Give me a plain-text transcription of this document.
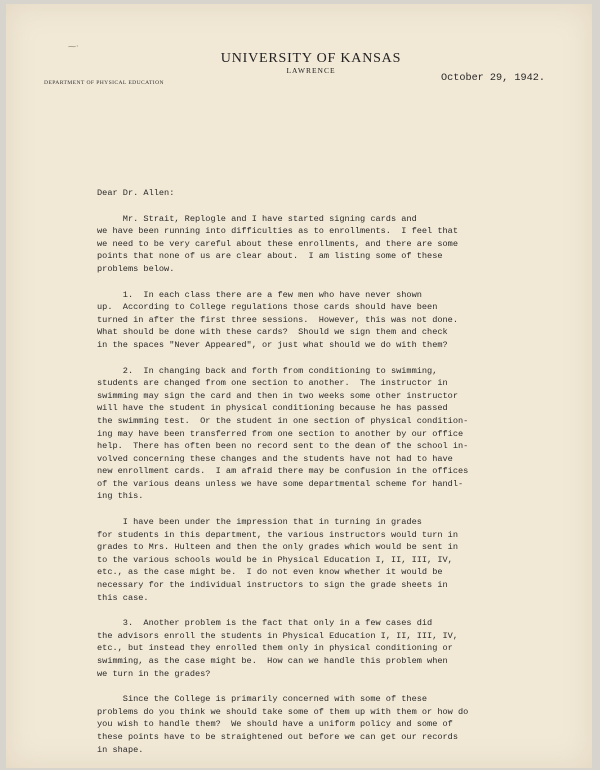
⁓·
UNIVERSITY OF KANSAS
LAWRENCE
DEPARTMENT OF PHYSICAL EDUCATION	October 29, 1942.
Dear Dr. Allen:
Mr. Strait, Replogle and I have started signing cards and
we have been running into difficulties as to enrollments.  I feel that
we need to be very careful about these enrollments, and there are some
points that none of us are clear about.  I am listing some of these
problems below.
1.  In each class there are a few men who have never shown
up.  According to College regulations those cards should have been
turned in after the first three sessions.  However, this was not done.
What should be done with these cards?  Should we sign them and check
in the spaces "Never Appeared", or just what should we do with them?
2.  In changing back and forth from conditioning to swimming,
students are changed from one section to another.  The instructor in
swimming may sign the card and then in two weeks some other instructor
will have the student in physical conditioning because he has passed
the swimming test.  Or the student in one section of physical condition-
ing may have been transferred from one section to another by our office
help.  There has often been no record sent to the dean of the school in-
volved concerning these changes and the students have not had to have
new enrollment cards.  I am afraid there may be confusion in the offices
of the various deans unless we have some departmental scheme for handl-
ing this.
I have been under the impression that in turning in grades
for students in this department, the various instructors would turn in
grades to Mrs. Hulteen and then the only grades which would be sent in
to the various schools would be in Physical Education I, II, III, IV,
etc., as the case might be.  I do not even know whether it would be
necessary for the individual instructors to sign the grade sheets in
this case.
3.  Another problem is the fact that only in a few cases did
the advisors enroll the students in Physical Education I, II, III, IV,
etc., but instead they enrolled them only in physical conditioning or
swimming, as the case might be.  How can we handle this problem when
we turn in the grades?
Since the College is primarily concerned with some of these
problems do you think we should take some of them up with them or how do
you wish to handle them?  We should have a uniform policy and some of
these points have to be straightened out before we can get our records
in shape.
